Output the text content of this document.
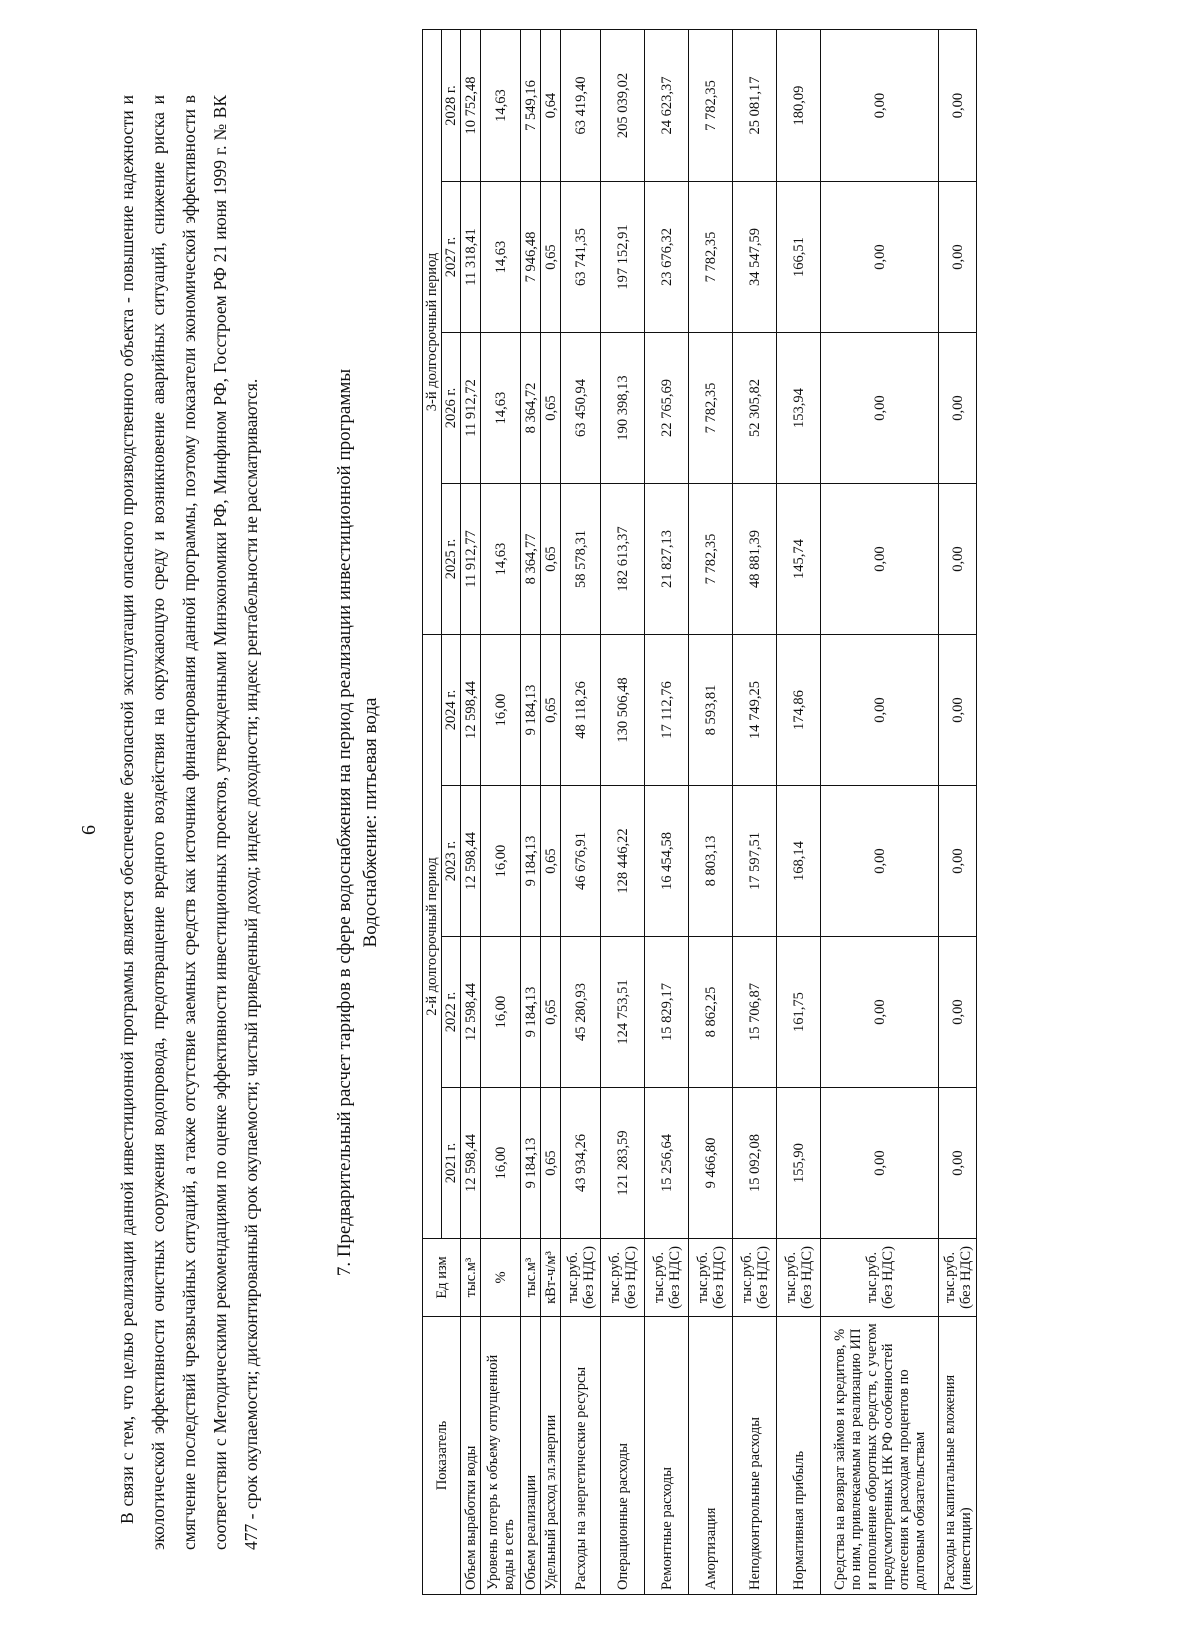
6 В связи с тем, что целью реализации данной инвестиционной программы является обеспечение безопасной эксплуатации опасного производственного объекта - повышение надежности и экологической эффективности очистных сооружения водопровода, предотвращение вредного воздействия на окружающую среду и возникновение аварийных ситуаций, снижение риска и смягчение последствий чрезвычайных ситуаций, а также отсутствие заемных средств как источника финансирования данной программы, поэтому показатели экономической эффективности в соответствии с Методическими рекомендациями по оценке эффективности инвестиционных проектов, утвержденными Минэкономики РФ, Минфином РФ, Госстроем РФ 21 июня 1999 г. № ВК 477 - срок окупаемости; дисконтированный срок окупаемости; чистый приведенный доход; индекс доходности; индекс рентабельности не рассматриваются.	7. Предварительный расчет тарифов в сфере водоснабжения на период реализации инвестиционной программы Водоснабжение: питьевая вода
Показатель	Ед изм	2-й долгосрочный период				3-й долгосрочный период			
		2021 г.	2022 г.	2023 г.	2024 г.	2025 г.	2026 г.	2027 г.	2028 г.
Объем выработки воды	тыс.м³	12 598,44	12 598,44	12 598,44	12 598,44	11 912,77	11 912,72	11 318,41	10 752,48
Уровень потерь к объему отпущенной воды в сеть	%	16,00	16,00	16,00	16,00	14,63	14,63	14,63	14,63
Объем реализации	тыс.м³	9 184,13	9 184,13	9 184,13	9 184,13	8 364,77	8 364,72	7 946,48	7 549,16
Удельный расход эл.энергии	кВт-ч/м³	0,65	0,65	0,65	0,65	0,65	0,65	0,65	0,64
Расходы на энергетические ресурсы	тыс.руб. (без НДС)	43 934,26	45 280,93	46 676,91	48 118,26	58 578,31	63 450,94	63 741,35	63 419,40
Операционные расходы	тыс.руб. (без НДС)	121 283,59	124 753,51	128 446,22	130 506,48	182 613,37	190 398,13	197 152,91	205 039,02
Ремонтные расходы	тыс.руб. (без НДС)	15 256,64	15 829,17	16 454,58	17 112,76	21 827,13	22 765,69	23 676,32	24 623,37
Амортизация	тыс.руб. (без НДС)	9 466,80	8 862,25	8 803,13	8 593,81	7 782,35	7 782,35	7 782,35	7 782,35
Неподконтрольные расходы	тыс.руб. (без НДС)	15 092,08	15 706,87	17 597,51	14 749,25	48 881,39	52 305,82	34 547,59	25 081,17
Нормативная прибыль	тыс.руб. (без НДС)	155,90	161,75	168,14	174,86	145,74	153,94	166,51	180,09
Средства на возврат займов и кредитов, % по ним, привлекаемым на реализацию ИП и пополнение оборотных средств, с учетом предусмотренных НК РФ особенностей отнесения к расходам процентов по долговым обязательствам	тыс.руб. (без НДС)	0,00	0,00	0,00	0,00	0,00	0,00	0,00	0,00
Расходы на капитальные вложения (инвестиции)	тыс.руб. (без НДС)	0,00	0,00	0,00	0,00	0,00	0,00	0,00	0,00
